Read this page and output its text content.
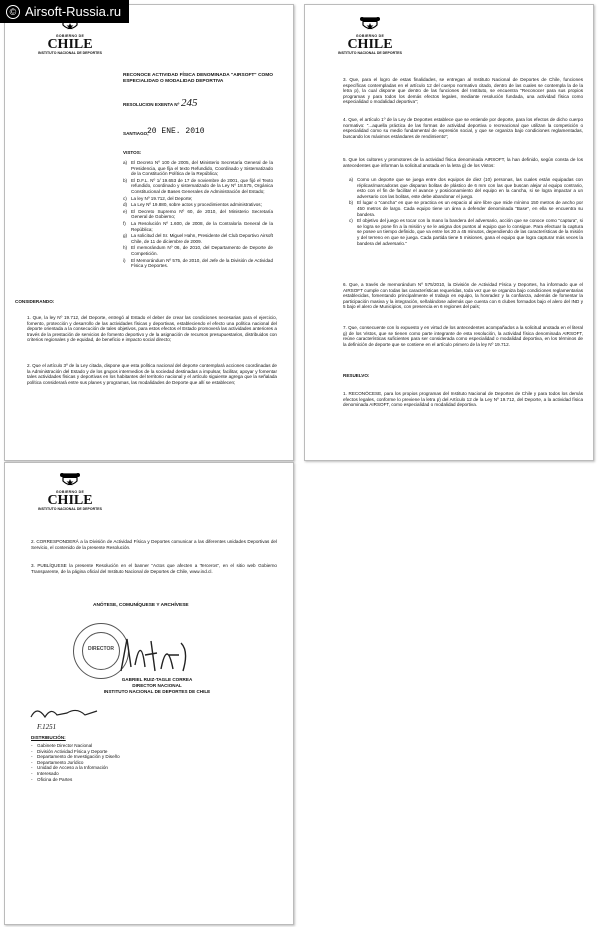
GOBIERNO DE
CHILE
INSTITUTO NACIONAL DE DEPORTES
RECONOCE ACTIVIDAD FÍSICA DENOMINADA "AIRSOFT" COMO ESPECIALIDAD O MODALIDAD DEPORTIVA
RESOLUCION EXENTA Nº 245
SANTIAGO,
20 ENE. 2010
VISTOS:
a) El Decreto Nº 100 de 2005, del Ministerio Secretaría General de la Presidencia, que fija el texto Refundido, Coordinado y Sistematizado de la Constitución Política de la República;
b) El D.F.L. Nº 1/ 19.653 de 17 de noviembre de 2001, que fijó el Texto refundido, coordinado y sistematizado de la Ley Nº 18.575, Orgánica Constitucional de Bases Generales de Administración del Estado;
c) La ley Nº 19.712, del Deporte;
d) La Ley Nº 19.880, sobre actos y procedimientos administrativos;
e) El Decreto Supremo Nº 60, de 2010, del Ministerio Secretaría General de Gobierno;
f) La Resolución Nº 1.600, de 2008, de la Contraloría General de la República;
g) La solicitud del Sr. Miguel Hahn, Presidente del Club Deportivo Airsoft Chile, de 11 de diciembre de 2009.
h) El memorándum Nº 06, de 2010, del Departamento de Deporte de Competición.
i) El Memorándum Nº 575, de 2010, del Jefe de la División de Actividad Física y Deportes.
CONSIDERANDO:
1. Que, la ley Nº 19.712, del Deporte, entregó al Estado el deber de crear las condiciones necesarias para el ejercicio, fomento, protección y desarrollo de las actividades físicas y deportivas, estableciendo el efecto una política nacional del deporte orientada a la consecución de tales objetivos, para estos efectos el Estado promoverá las actividades anteriores a través de la prestación de servicios de fomento deportivo y de la asignación de recursos presupuestarios, distribuidos con criterios regionales y de equidad, de beneficio e impacto social directo;
2. Que el artículo 3º de la Ley citada, dispone que esta política nacional del deporte contemplará acciones coordinadas de la Administración del Estado y de los grupos intermedios de la sociedad destinadas a impulsar, facilitar, apoyar y fomentar tales actividades físicas y deportivas en los habitantes del territorio nacional y el artículo siguiente agrega que la señalada política considerará entre sus planes y programas, las modalidades de Deporte que allí se establecen;
GOBIERNO DE
CHILE
INSTITUTO NACIONAL DE DEPORTES
3. Que, para el logro de estas finalidades, se entregan al Instituto Nacional de Deportes de Chile, funciones específicas contempladas en el artículo 12 del cuerpo normativo citado, dentro de las cuales se contempla la de la letra p), la cual dispone que dentro de las funciones del Instituto, se encuentra "Reconocer para sus propios programas y para todos los demás efectos legales, mediante resolución fundada, una actividad física como especialidad o modalidad deportiva";
4. Que, el artículo 1º de la Ley de Deportes establece que se entiende por deporte, para los efectos de dicho cuerpo normativo: "...aquella práctica de las formas de actividad deportiva o recreacional que utilizan la competición o especialidad como su medio fundamental de expresión social, y que se organiza bajo condiciones reglamentadas, buscando los máximos estándares de rendimiento";
5. Que los cultores y promotores de la actividad física denominada AIRSOFT, la han definido, según consta de los antecedentes que informan la solicitud anotada en la letra g) de los Vistos:
a) Como un deporte que se juega entre dos equipos de diez (10) personas, las cuales están equipadas con réplicas/marcadoras que disparan bolitas de plástico de 6 mm con las que buscan alejar al equipo contrario, esto con el fin de facilitar el avance y posicionamiento del equipo en la cancha, si se logra impactar a un adversario con las bolitas, este debe abandonar el juego.
b) El lugar o "cancha" en que se practica es un espacio al aire libre que mide mínimo 150 metros de ancho por 450 metros de largo. Cada equipo tiene un área a defender denominada "Base", en ella se encuentra su bandera.
c) El objetivo del juego es tocar con la mano la bandera del adversario, acción que se conoce como "captura", si se logra se pone fin a la misión y se le asigna dos puntos al equipo que lo consigue. Para efectuar la captura se posee un tiempo definido, que va entre los 20 a 45 minutos, dependiendo de las características de la misión y del terreno en que se juega. Cada partida tiene 5 misiones, gana el equipo que logra capturar más veces la bandera del adversario."
6. Que, a través de memorándum Nº 575/2010, la División de Actividad Física y Deportes, ha informado que el AIRSOFT cumple con todas las características requeridas, toda vez que se organiza bajo condiciones reglamentarias establecidas, fomentando principalmente el trabajo en equipo, la honradez y la confianza, además de fomentar la participación masiva y la integración, señalándose además que cuenta con 6 clubes formados bajo el alero del IND y 5 bajo el alero de Municipios, con presencia en 6 regiones del país;
7. Que, consecuente con lo expuesto y en virtud de los antecedentes acompañados a la solicitud anotada en el literal g) de los Vistos, que se tienen como parte integrante de esta resolución, la actividad física denominada AIRSOFT, reúne características suficientes para ser considerada como especialidad o modalidad deportiva, en los términos de la definición de deporte que se contiene en el artículo primero de la ley Nº 19.712.
RESUELVO:
1. RECONÓCESE, para los propios programas del Instituto Nacional de Deportes de Chile y para todos los demás efectos legales, conforme lo previene la letra p) del Artículo 12 de la Ley Nº 19.712, del Deporte, a la actividad física denominada AIRSOFT, como especialidad o modalidad deportiva.
GOBIERNO DE
CHILE
INSTITUTO NACIONAL DE DEPORTES
2. CORRESPONDERÁ a la División de Actividad Física y Deportes comunicar a las diferentes unidades Deportivas del Servicio, el contenido de la presente Resolución.
3. PUBLÍQUESE la presente Resolución en el banner "Actos que afecten a Terceros", en el sitio web Gobierno Transparente, de la página oficial del Instituto Nacional de Deportes de Chile, www.ind.cl.
ANÓTESE, COMUNÍQUESE Y ARCHÍVESE
DIRECTOR
GABRIEL RUIZ-TAGLE CORREA
DIRECTOR NACIONAL
INSTITUTO NACIONAL DE DEPORTES DE CHILE
F.1251
DISTRIBUCIÓN:
- Gabinete Director Nacional
- División Actividad Física y Deporte
- Departamento de Investigación y Diseño
- Departamento Jurídico
- Unidad de Acceso a la Información
- Interesado
- Oficina de Partes
© Airsoft-Russia.ru
